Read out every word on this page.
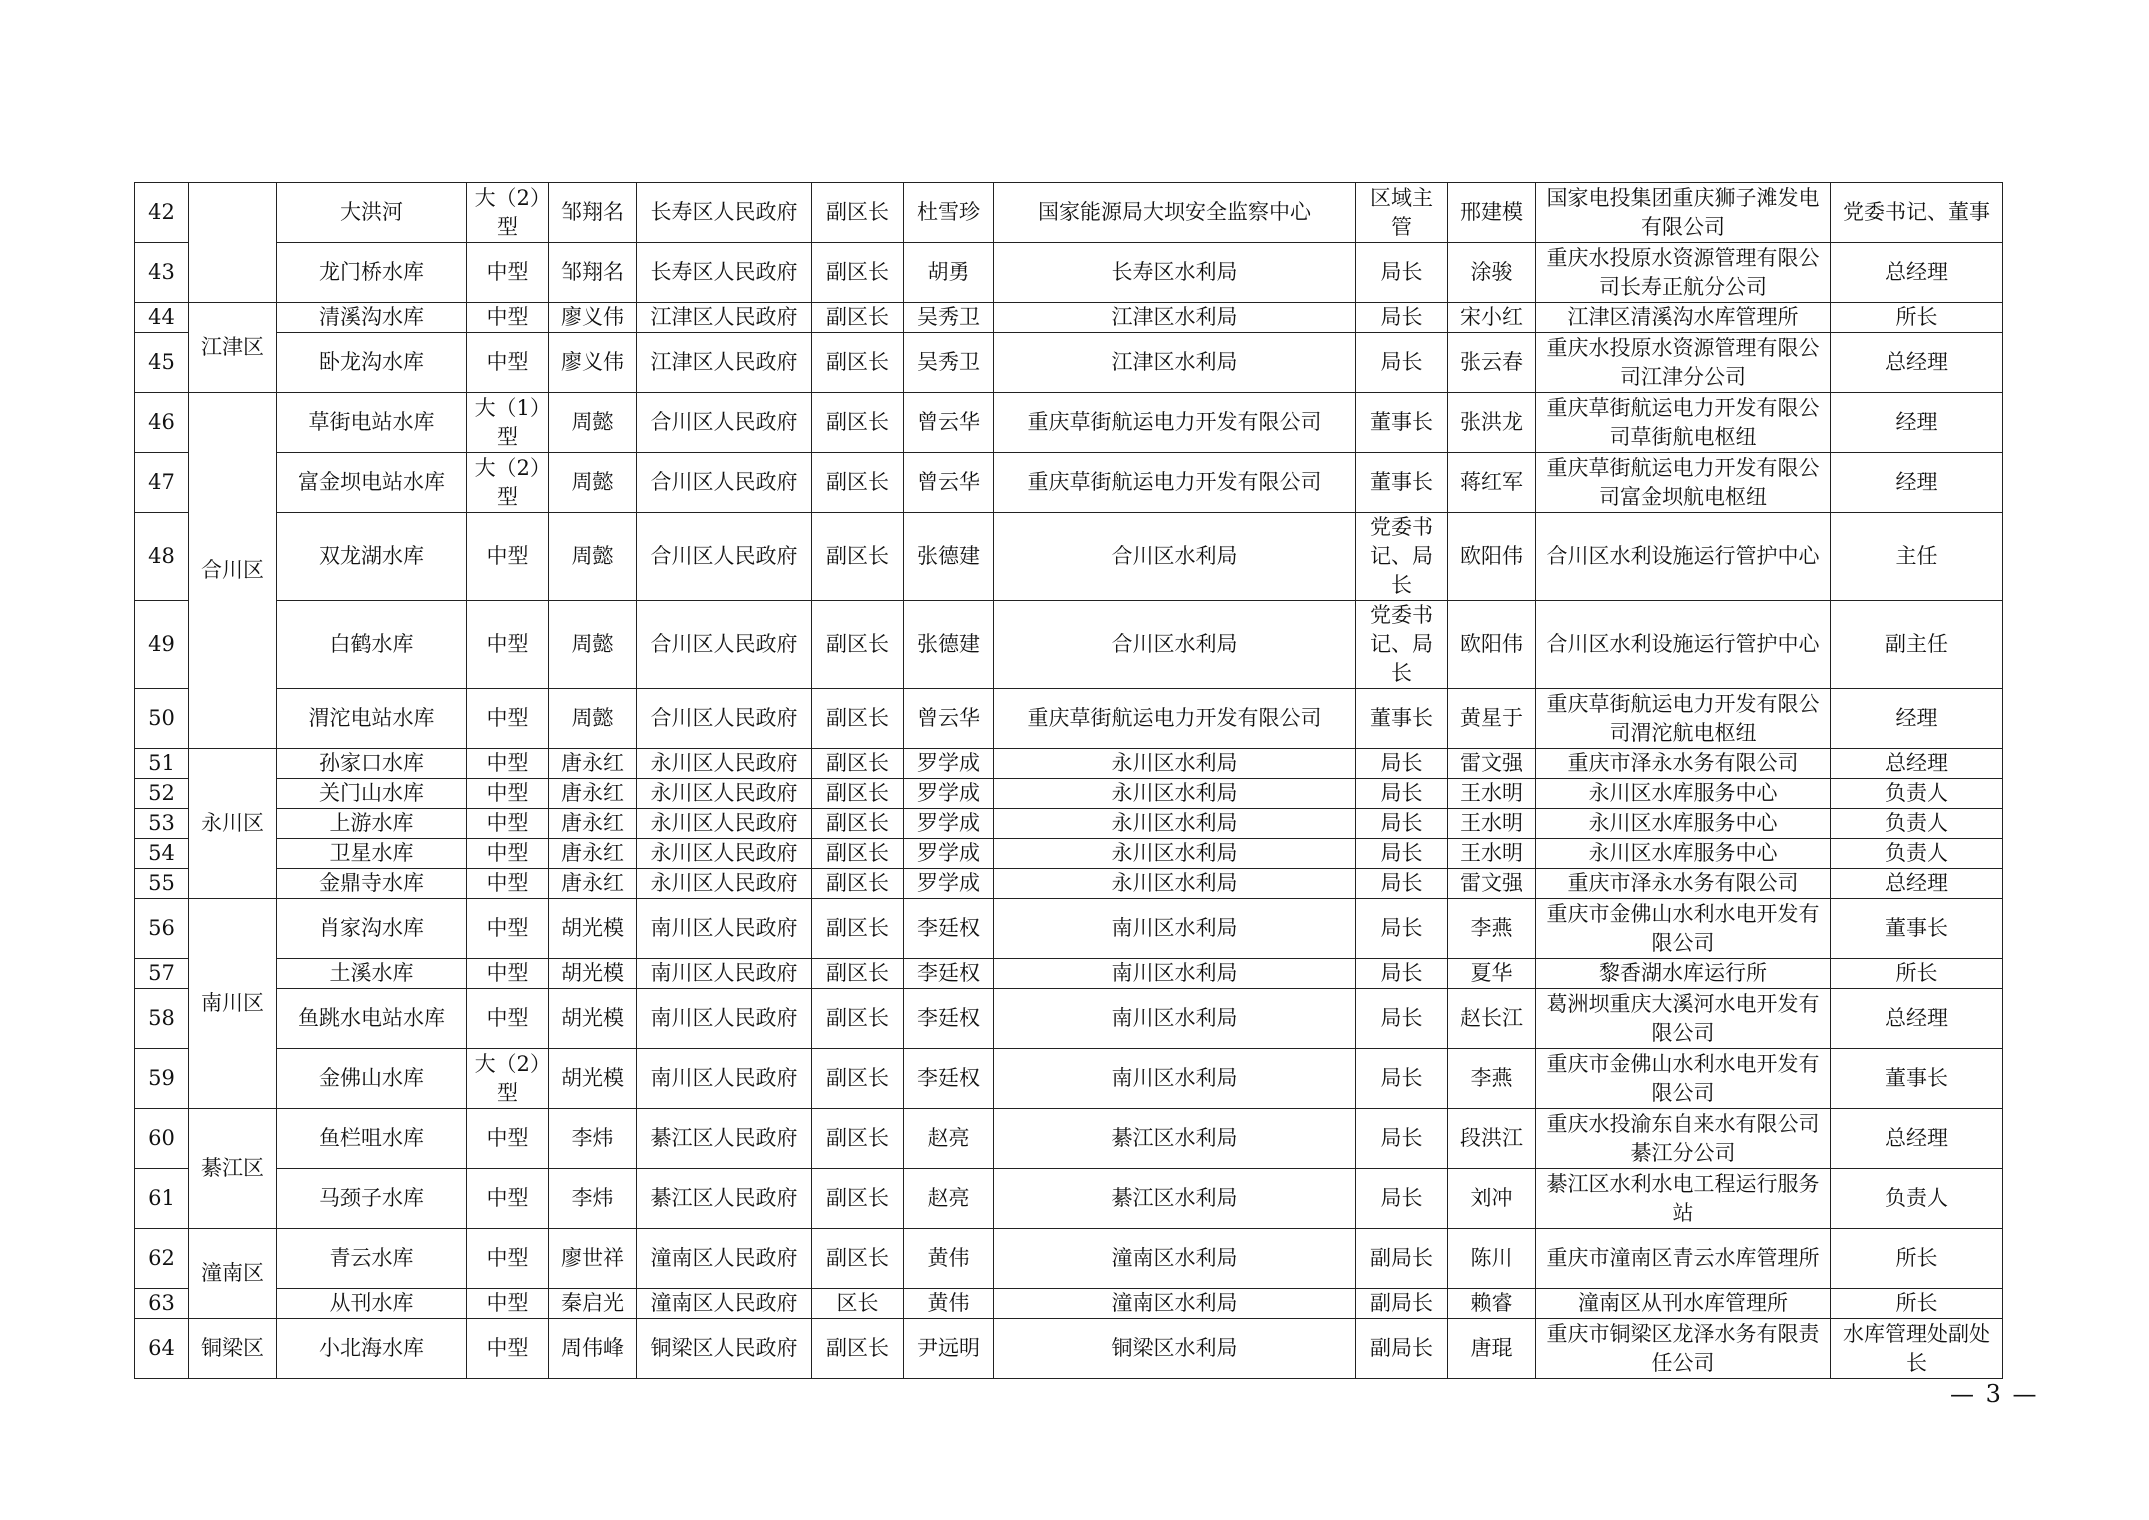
42		大洪河	大（2）型	邹翔名	长寿区人民政府	副区长	杜雪珍	国家能源局大坝安全监察中心	区域主管	邢建模	国家电投集团重庆狮子滩发电 有限公司	党委书记、董事
43		龙门桥水库	中型	邹翔名	长寿区人民政府	副区长	胡勇	长寿区水利局	局长	涂骏	重庆水投原水资源管理有限公司长寿正航分公司	总经理
44	江津区	清溪沟水库	中型	廖义伟	江津区人民政府	副区长	吴秀卫	江津区水利局	局长	宋小红	江津区清溪沟水库管理所	所长
45		卧龙沟水库	中型	廖义伟	江津区人民政府	副区长	吴秀卫	江津区水利局	局长	张云春	重庆水投原水资源管理有限公司江津分公司	总经理
46	合川区	草街电站水库	大（1）型	周懿	合川区人民政府	副区长	曾云华	重庆草街航运电力开发有限公司	董事长	张洪龙	重庆草街航运电力开发有限公司草街航电枢纽	经理
47		富金坝电站水库	大（2）型	周懿	合川区人民政府	副区长	曾云华	重庆草街航运电力开发有限公司	董事长	蒋红军	重庆草街航运电力开发有限公司富金坝航电枢纽	经理
48		双龙湖水库	中型	周懿	合川区人民政府	副区长	张德建	合川区水利局	党委书记、局长	欧阳伟	合川区水利设施运行管护中心	主任
49		白鹤水库	中型	周懿	合川区人民政府	副区长	张德建	合川区水利局	党委书记、局长	欧阳伟	合川区水利设施运行管护中心	副主任
50		渭沱电站水库	中型	周懿	合川区人民政府	副区长	曾云华	重庆草街航运电力开发有限公司	董事长	黄星于	重庆草街航运电力开发有限公司渭沱航电枢纽	经理
51	永川区	孙家口水库	中型	唐永红	永川区人民政府	副区长	罗学成	永川区水利局	局长	雷文强	重庆市泽永水务有限公司	总经理
52		关门山水库	中型	唐永红	永川区人民政府	副区长	罗学成	永川区水利局	局长	王水明	永川区水库服务中心	负责人
53		上游水库	中型	唐永红	永川区人民政府	副区长	罗学成	永川区水利局	局长	王水明	永川区水库服务中心	负责人
54		卫星水库	中型	唐永红	永川区人民政府	副区长	罗学成	永川区水利局	局长	王水明	永川区水库服务中心	负责人
55		金鼎寺水库	中型	唐永红	永川区人民政府	副区长	罗学成	永川区水利局	局长	雷文强	重庆市泽永水务有限公司	总经理
56	南川区	肖家沟水库	中型	胡光模	南川区人民政府	副区长	李廷权	南川区水利局	局长	李燕	重庆市金佛山水利水电开发有限公司	董事长
57		土溪水库	中型	胡光模	南川区人民政府	副区长	李廷权	南川区水利局	局长	夏华	黎香湖水库运行所	所长
58		鱼跳水电站水库	中型	胡光模	南川区人民政府	副区长	李廷权	南川区水利局	局长	赵长江	葛洲坝重庆大溪河水电开发有限公司	总经理
59		金佛山水库	大（2）型	胡光模	南川区人民政府	副区长	李廷权	南川区水利局	局长	李燕	重庆市金佛山水利水电开发有限公司	董事长
60	綦江区	鱼栏咀水库	中型	李炜	綦江区人民政府	副区长	赵亮	綦江区水利局	局长	段洪江	重庆水投渝东自来水有限公司綦江分公司	总经理
61		马颈子水库	中型	李炜	綦江区人民政府	副区长	赵亮	綦江区水利局	局长	刘冲	綦江区水利水电工程运行服务站	负责人
62	潼南区	青云水库	中型	廖世祥	潼南区人民政府	副区长	黄伟	潼南区水利局	副局长	陈川	重庆市潼南区青云水库管理所	所长
63		从刊水库	中型	秦启光	潼南区人民政府	区长	黄伟	潼南区水利局	副局长	赖睿	潼南区从刊水库管理所	所长
64	铜梁区	小北海水库	中型	周伟峰	铜梁区人民政府	副区长	尹远明	铜梁区水利局	副局长	唐琨	重庆市铜梁区龙泽水务有限责任公司	水库管理处副处长
— 3 —
